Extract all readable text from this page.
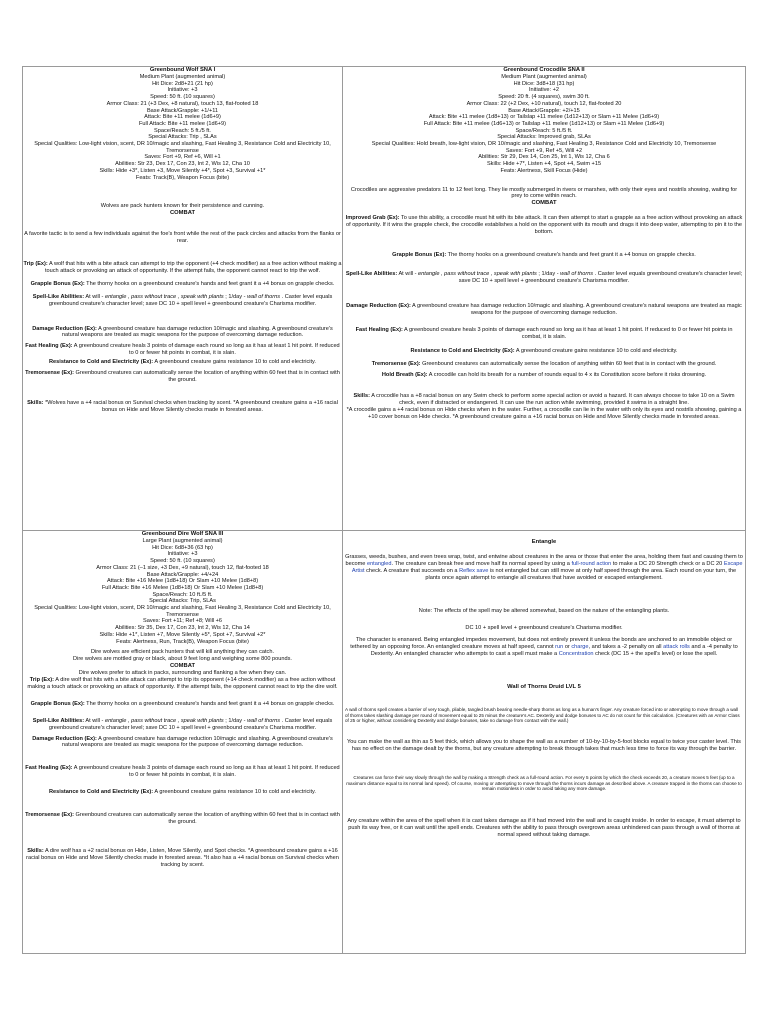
Greenbound Wolf SNA I
Medium Plant (augmented animal)
Hit Dice: 2d8+21 (21 hp)
Initiative: +3
Speed: 50 ft. (10 squares)
Armor Class: 21 (+3 Dex, +8 natural), touch 13, flat-footed 18
Base Attack/Grapple: +1/+11
Attack: Bite +11 melee (1d6+9)
Full Attack: Bite +11 melee (1d6+9)
Space/Reach: 5 ft./5 ft.
Special Attacks: Trip , SLAs
Special Qualities: Low-light vision, scent, DR 10/magic and slashing, Fast Healing 3, Resistance Cold and Electricity 10, Tremorsense
Saves: Fort +9, Ref +6, Will +1
Abilities: Str 23, Dex 17, Con 23, Int 2, Wis 12, Cha 10
Skills: Hide +3*, Listen +3, Move Silently +4*, Spot +3, Survival +1*
Feats: Track(B), Weapon Focus (bite)

Wolves are pack hunters known for their persistence and cunning.

COMBAT

A favorite tactic is to send a few individuals against the foe's front while the rest of the pack circles and attacks from the flanks or rear.

Trip (Ex): A wolf that hits with a bite attack can attempt to trip the opponent (+4 check modifier) as a free action without making a touch attack or provoking an attack of opportunity. If the attempt fails, the opponent cannot react to trip the wolf.

Grapple Bonus (Ex): The thorny hooks on a greenbound creature's hands and feet grant it a +4 bonus on grapple checks.

Spell-Like Abilities: At will - entangle , pass without trace , speak with plants ; 1/day - wall of thorns . Caster level equals greenbound creature's character level; save DC 10 + spell level + greenbound creature's Charisma modifier.

Damage Reduction (Ex): A greenbound creature has damage reduction 10/magic and slashing. A greenbound creature's natural weapons are treated as magic weapons for the purpose of overcoming damage reduction.

Fast Healing (Ex): A greenbound creature heals 3 points of damage each round so long as it has at least 1 hit point. If reduced to 0 or fewer hit points in combat, it is slain.

Resistance to Cold and Electricity (Ex): A greenbound creature gains resistance 10 to cold and electricity.

Tremorsense (Ex): Greenbound creatures can automatically sense the location of anything within 60 feet that is in contact with the ground.

Skills: *Wolves have a +4 racial bonus on Survival checks when tracking by scent. *A greenbound creature gains a +16 racial bonus on Hide and Move Silently checks made in forested areas.

Greenbound Crocodile SNA II
Medium Plant (augmented animal)
Hit Dice: 3d8+18 (31 hp)
Initiative: +2
Speed: 20 ft. (4 squares), swim 30 ft.
Armor Class: 22 (+2 Dex, +10 natural), touch 12, flat-footed 20
Base Attack/Grapple: +2/+15
Attack: Bite +11 melee (1d8+13) or Tailslap +11 melee (1d12+13) or Slam +11 Melee (1d6+9)
Full Attack: Bite +11 melee (1d6+13) or Tailslap +11 melee (1d12+13) or Slam +11 Melee (1d6+9)
Space/Reach: 5 ft./5 ft.
Special Attacks: Improved grab, SLAs
Special Qualities: Hold breath, low-light vision, DR 10/magic and slashing, Fast Healing 3, Resistance Cold and Electricity 10, Tremorsense
Saves: Fort +9, Ref +5, Will +2
Abilities: Str 29, Dex 14, Con 25, Int 1, Wis 12, Cha 6
Skills: Hide +7*, Listen +4, Spot +4, Swim +15
Feats: Alertness, Skill Focus (Hide)

Crocodiles are aggressive predators 11 to 12 feet long. They lie mostly submerged in rivers or marshes, with only their eyes and nostrils showing, waiting for prey to come within reach.

COMBAT

Improved Grab (Ex): To use this ability, a crocodile must hit with its bite attack. It can then attempt to start a grapple as a free action without provoking an attack of opportunity. If it wins the grapple check, the crocodile establishes a hold on the opponent with its mouth and drags it into deep water, attempting to pin it to the bottom.

Grapple Bonus (Ex): The thorny hooks on a greenbound creature's hands and feet grant it a +4 bonus on grapple checks.

Spell-Like Abilities: At will - entangle , pass without trace , speak with plants ; 1/day - wall of thorns . Caster level equals greenbound creature's character level; save DC 10 + spell level + greenbound creature's Charisma modifier.

Damage Reduction (Ex): A greenbound creature has damage reduction 10/magic and slashing. A greenbound creature's natural weapons are treated as magic weapons for the purpose of overcoming damage reduction.

Fast Healing (Ex): A greenbound creature heals 3 points of damage each round so long as it has at least 1 hit point. If reduced to 0 or fewer hit points in combat, it is slain.

Resistance to Cold and Electricity (Ex): A greenbound creature gains resistance 10 to cold and electricity.

Tremorsense (Ex): Greenbound creatures can automatically sense the location of anything within 60 feet that is in contact with the ground.

Hold Breath (Ex): A crocodile can hold its breath for a number of rounds equal to 4 x its Constitution score before it risks drowning.

Skills: A crocodile has a +8 racial bonus on any Swim check to perform some special action or avoid a hazard. It can always choose to take 10 on a Swim check, even if distracted or endangered. It can use the run action while swimming, provided it swims in a straight line.

*A crocodile gains a +4 racial bonus on Hide checks when in the water. Further, a crocodile can lie in the water with only its eyes and nostrils showing, gaining a +10 cover bonus on Hide checks. *A greenbound creature gains a +16 racial bonus on Hide and Move Silently checks made in forested areas.

Greenbound Dire Wolf SNA III
Large Plant (augmented animal)
Hit Dice: 6d8+36 (63 hp)
Initiative: +3
Speed: 50 ft. (10 squares)
Armor Class: 21 (–1 size, +3 Dex, +9 natural), touch 12, flat-footed 18
Base Attack/Grapple: +4/+24
Attack: Bite +16 Melee (1d8+18) Or Slam +10 Melee (1d8+8)
Full Attack: Bite +16 Melee (1d8+18) Or Slam +10 Melee (1d8+8)
Space/Reach: 10 ft./5 ft.
Special Attacks: Trip, SLAs
Special Qualities: Low-light vision, scent, DR 10/magic and slashing, Fast Healing 3, Resistance Cold and Electricity 10, Tremorsense
Saves: Fort +11; Ref +8; Will +6
Abilities: Str 35, Dex 17, Con 23, Int 2, Wis 12, Cha 14
Skills: Hide +1*, Listen +7, Move Silently +5*, Spot +7, Survival +2*
Feats: Alertness, Run, Track(B), Weapon Focus (bite)

Dire wolves are efficient pack hunters that will kill anything they can catch.

Dire wolves are mottled gray or black, about 9 feet long and weighing some 800 pounds.

COMBAT

Dire wolves prefer to attack in packs, surrounding and flanking a foe when they can.

Trip (Ex): A dire wolf that hits with a bite attack can attempt to trip its opponent (+14 check modifier) as a free action without making a touch attack or provoking an attack of opportunity. If the attempt fails, the opponent cannot react to trip the dire wolf.

Grapple Bonus (Ex): The thorny hooks on a greenbound creature's hands and feet grant it a +4 bonus on grapple checks.

Spell-Like Abilities: At will - entangle , pass without trace , speak with plants ; 1/day - wall of thorns . Caster level equals greenbound creature's character level; save DC 10 + spell level + greenbound creature's Charisma modifier.

Damage Reduction (Ex): A greenbound creature has damage reduction 10/magic and slashing. A greenbound creature's natural weapons are treated as magic weapons for the purpose of overcoming damage reduction.

Fast Healing (Ex): A greenbound creature heals 3 points of damage each round so long as it has at least 1 hit point. If reduced to 0 or fewer hit points in combat, it is slain.

Resistance to Cold and Electricity (Ex): A greenbound creature gains resistance 10 to cold and electricity.

Tremorsense (Ex): Greenbound creatures can automatically sense the location of anything within 60 feet that is in contact with the ground.

Skills: A dire wolf has a +2 racial bonus on Hide, Listen, Move Silently, and Spot checks. *A greenbound creature gains a +16 racial bonus on Hide and Move Silently checks made in forested areas. *It also has a +4 racial bonus on Survival checks when tracking by scent.

Entangle

Grasses, weeds, bushes, and even trees wrap, twist, and entwine about creatures in the area or those that enter the area, holding them fast and causing them to become entangled. The creature can break free and move half its normal speed by using a full-round action to make a DC 20 Strength check or a DC 20 Escape Artist check. A creature that succeeds on a Reflex save is not entangled but can still move at only half speed through the area. Each round on your turn, the plants once again attempt to entangle all creatures that have avoided or escaped entanglement.

Note: The effects of the spell may be altered somewhat, based on the nature of the entangling plants.

DC 10 + spell level + greenbound creature's Charisma modifier.

The character is ensnared. Being entangled impedes movement, but does not entirely prevent it unless the bonds are anchored to an immobile object or tethered by an opposing force. An entangled creature moves at half speed, cannot run or charge, and takes a -2 penalty on all attack rolls and a -4 penalty to Dexterity. An entangled character who attempts to cast a spell must make a Concentration check (DC 15 + the spell's level) or lose the spell.

Wall of Thorns Druid LVL 5

A wall of thorns spell creates a barrier of very tough, pliable, tangled brush bearing needle-sharp thorns as long as a human's finger. Any creature forced into or attempting to move through a wall of thorns takes slashing damage per round of movement equal to 25 minus the creature's AC. Dexterity and dodge bonuses to AC do not count for this calculation. (Creatures with an Armor Class of 25 or higher, without considering Dexterity and dodge bonuses, take no damage from contact with the wall.)

You can make the wall as thin as 5 feet thick, which allows you to shape the wall as a number of 10-by-10-by-5-foot blocks equal to twice your caster level. This has no effect on the damage dealt by the thorns, but any creature attempting to break through takes that much less time to force its way through the barrier.

Creatures can force their way slowly through the wall by making a Strength check as a full-round action. For every 5 points by which the check exceeds 20, a creature moves 5 feet (up to a maximum distance equal to its normal land speed). Of course, moving or attempting to move through the thorns incurs damage as described above. A creature trapped in the thorns can choose to remain motionless in order to avoid taking any more damage.

Any creature within the area of the spell when it is cast takes damage as if it had moved into the wall and is caught inside. In order to escape, it must attempt to push its way free, or it can wait until the spell ends. Creatures with the ability to pass through overgrown areas unhindered can pass through a wall of thorns at normal speed without taking damage.
